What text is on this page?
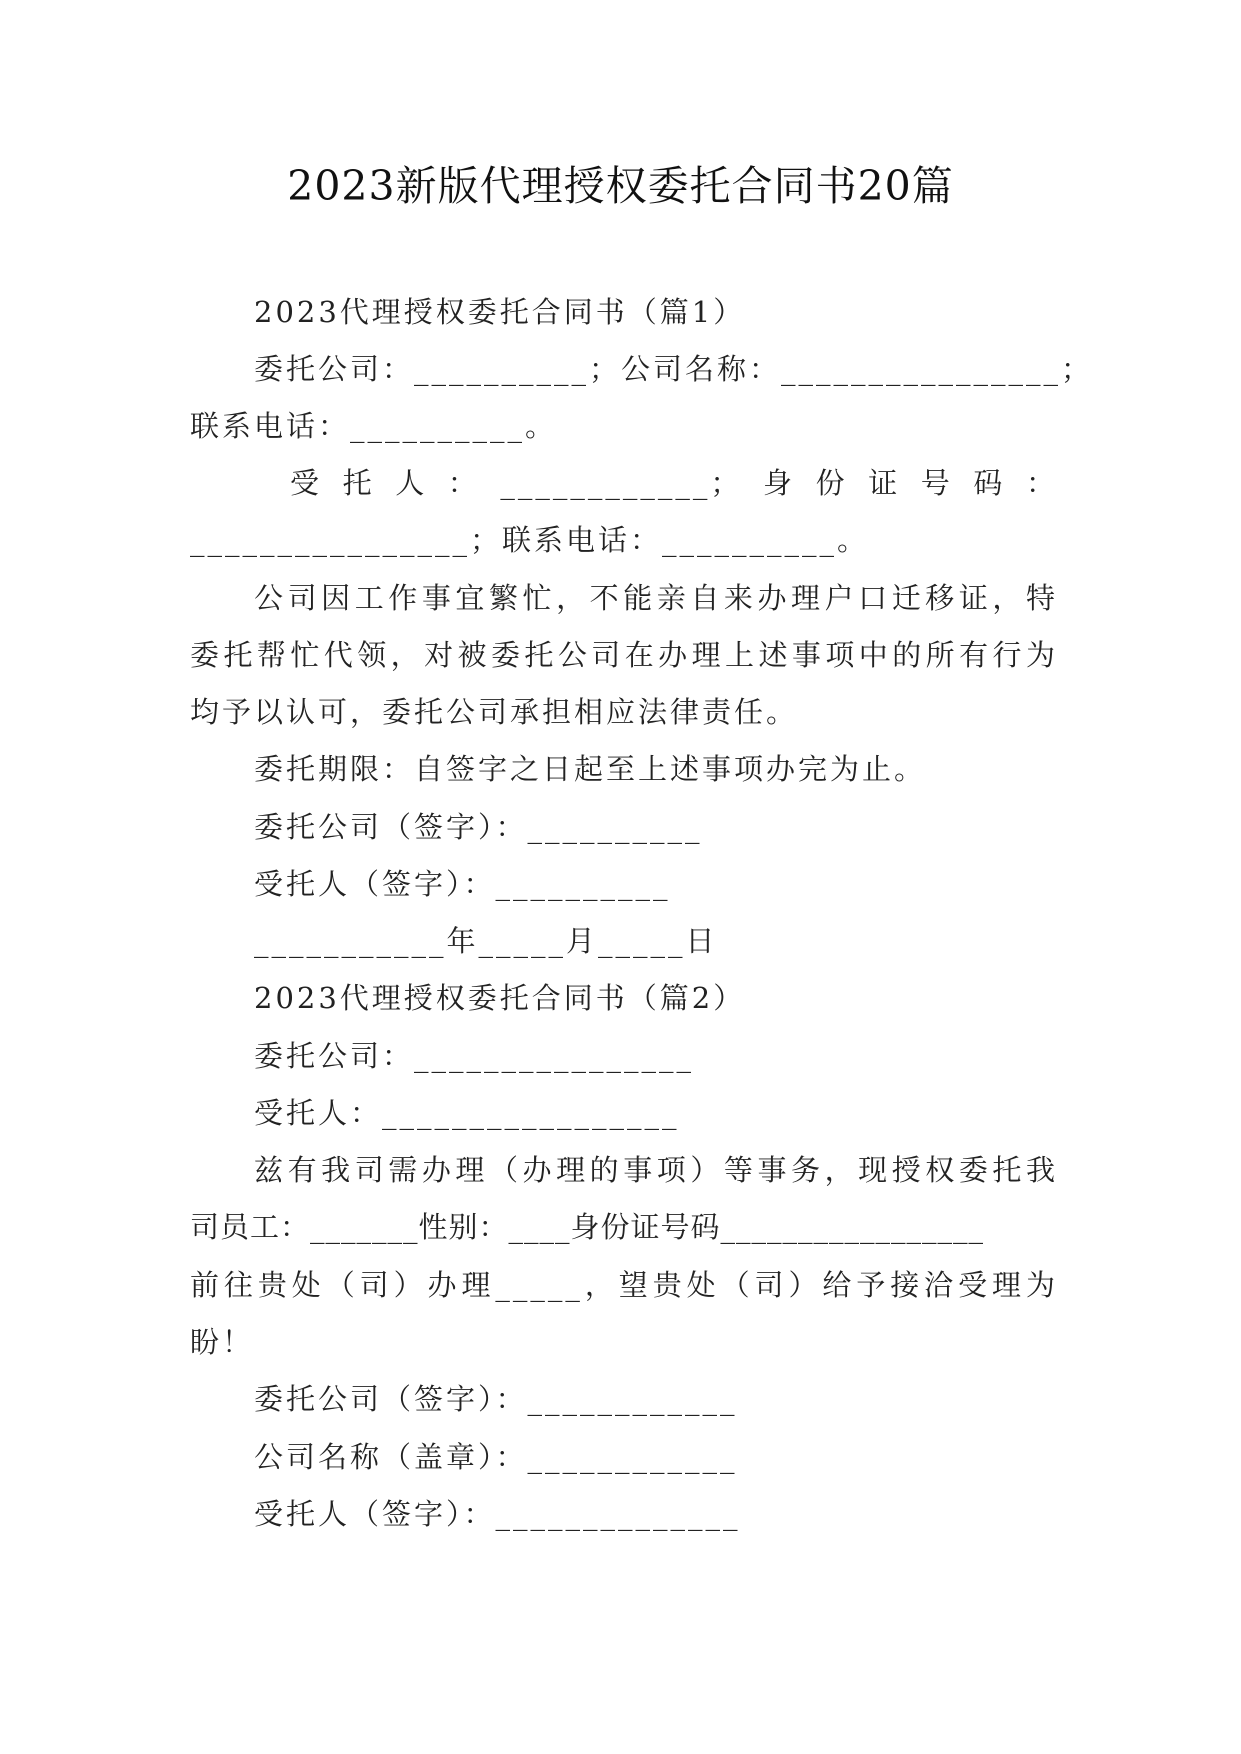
2023新版代理授权委托合同书20篇
2023代理授权委托合同书（篇1）
委托公司：__________；公司名称：________________；
联系电话：__________。
受托人：____________；身份证号码：
________________；联系电话：__________。
公司因工作事宜繁忙，不能亲自来办理户口迁移证，特
委托帮忙代领，对被委托公司在办理上述事项中的所有行为
均予以认可，委托公司承担相应法律责任。
委托期限：自签字之日起至上述事项办完为止。
委托公司（签字）：__________
受托人（签字）：__________
___________年_____月_____日
2023代理授权委托合同书（篇2）
委托公司：________________
受托人：_________________
兹有我司需办理（办理的事项）等事务，现授权委托我
司员工：_______性别：____身份证号码_________________
前往贵处（司）办理_____，望贵处（司）给予接洽受理为
盼！
委托公司（签字）：____________
公司名称（盖章）：____________
受托人（签字）：______________
